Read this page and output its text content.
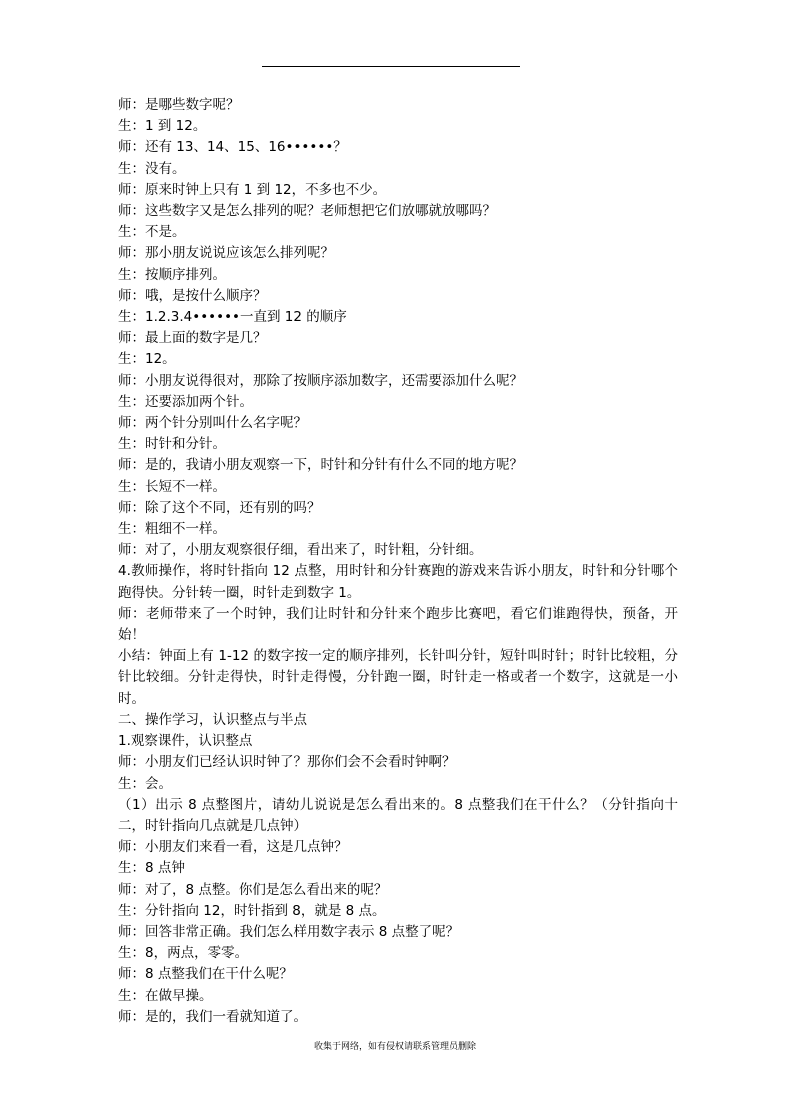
师：是哪些数字呢？
生：1 到 12。
师：还有 13、14、15、16••••••？
生：没有。
师：原来时钟上只有 1 到 12，不多也不少。
师：这些数字又是怎么排列的呢？老师想把它们放哪就放哪吗？
生：不是。
师：那小朋友说说应该怎么排列呢？
生：按顺序排列。
师：哦，是按什么顺序？
生：1.2.3.4••••••一直到 12 的顺序
师：最上面的数字是几？
生：12。
师：小朋友说得很对，那除了按顺序添加数字，还需要添加什么呢？
生：还要添加两个针。
师：两个针分别叫什么名字呢？
生：时针和分针。
师：是的，我请小朋友观察一下，时针和分针有什么不同的地方呢？
生：长短不一样。
师：除了这个不同，还有别的吗？
生：粗细不一样。
师：对了，小朋友观察很仔细，看出来了，时针粗，分针细。
4.教师操作，将时针指向 12 点整，用时针和分针赛跑的游戏来告诉小朋友，时针和分针哪个跑得快。分针转一圈，时针走到数字 1。
师：老师带来了一个时钟，我们让时针和分针来个跑步比赛吧，看它们谁跑得快，预备，开始！
小结：钟面上有 1-12 的数字按一定的顺序排列，长针叫分针，短针叫时针；时针比较粗，分针比较细。分针走得快，时针走得慢，分针跑一圈，时针走一格或者一个数字，这就是一小时。
二、操作学习，认识整点与半点
1.观察课件，认识整点
师：小朋友们已经认识时钟了？那你们会不会看时钟啊？
生：会。
（1）出示 8 点整图片，请幼儿说说是怎么看出来的。8 点整我们在干什么？（分针指向十二，时针指向几点就是几点钟）
师：小朋友们来看一看，这是几点钟？
生：8 点钟
师：对了，8 点整。你们是怎么看出来的呢？
生：分针指向 12，时针指到 8，就是 8 点。
师：回答非常正确。我们怎么样用数字表示 8 点整了呢？
生：8，两点，零零。
师：8 点整我们在干什么呢？
生：在做早操。
师：是的，我们一看就知道了。
收集于网络，如有侵权请联系管理员删除
